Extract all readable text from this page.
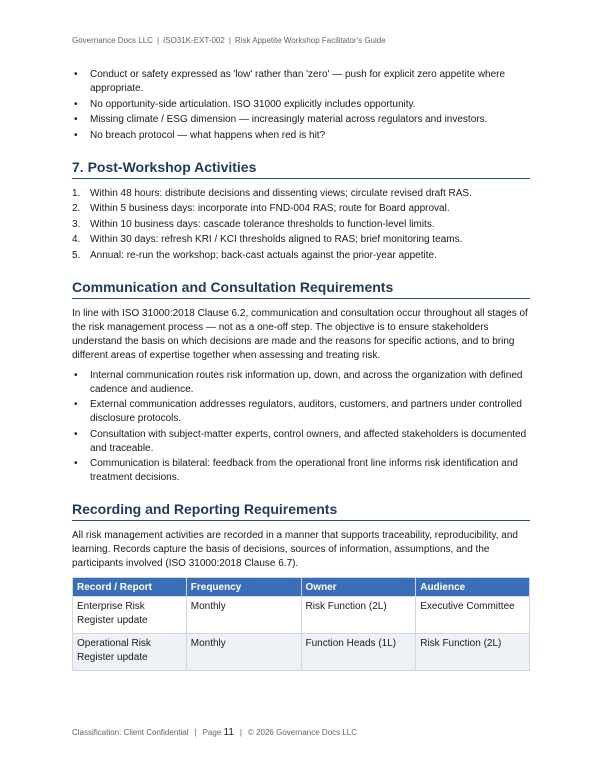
Governance Docs LLC | ISO31K-EXT-002 | Risk Appetite Workshop Facilitator's Guide
• Conduct or safety expressed as 'low' rather than 'zero' — push for explicit zero appetite where appropriate.
• No opportunity-side articulation. ISO 31000 explicitly includes opportunity.
• Missing climate / ESG dimension — increasingly material across regulators and investors.
• No breach protocol — what happens when red is hit?
7. Post-Workshop Activities
1. Within 48 hours: distribute decisions and dissenting views; circulate revised draft RAS.
2. Within 5 business days: incorporate into FND-004 RAS; route for Board approval.
3. Within 10 business days: cascade tolerance thresholds to function-level limits.
4. Within 30 days: refresh KRI / KCI thresholds aligned to RAS; brief monitoring teams.
5. Annual: re-run the workshop; back-cast actuals against the prior-year appetite.
Communication and Consultation Requirements

In line with ISO 31000:2018 Clause 6.2, communication and consultation occur throughout all stages of the risk management process — not as a one-off step. The objective is to ensure stakeholders understand the basis on which decisions are made and the reasons for specific actions, and to bring different areas of expertise together when assessing and treating risk.

• Internal communication routes risk information up, down, and across the organization with defined cadence and audience.
• External communication addresses regulators, auditors, customers, and partners under controlled disclosure protocols.
• Consultation with subject-matter experts, control owners, and affected stakeholders is documented and traceable.
• Communication is bilateral: feedback from the operational front line informs risk identification and treatment decisions.
Recording and Reporting Requirements

All risk management activities are recorded in a manner that supports traceability, reproducibility, and learning. Records capture the basis of decisions, sources of information, assumptions, and the participants involved (ISO 31000:2018 Clause 6.7).

Record / Report	Frequency	Owner	Audience
Enterprise Risk Register update	Monthly	Risk Function (2L)	Executive Committee
Operational Risk Register update	Monthly	Function Heads (1L)	Risk Function (2L)
Classification: Client Confidential | Page 11 | © 2026 Governance Docs LLC
